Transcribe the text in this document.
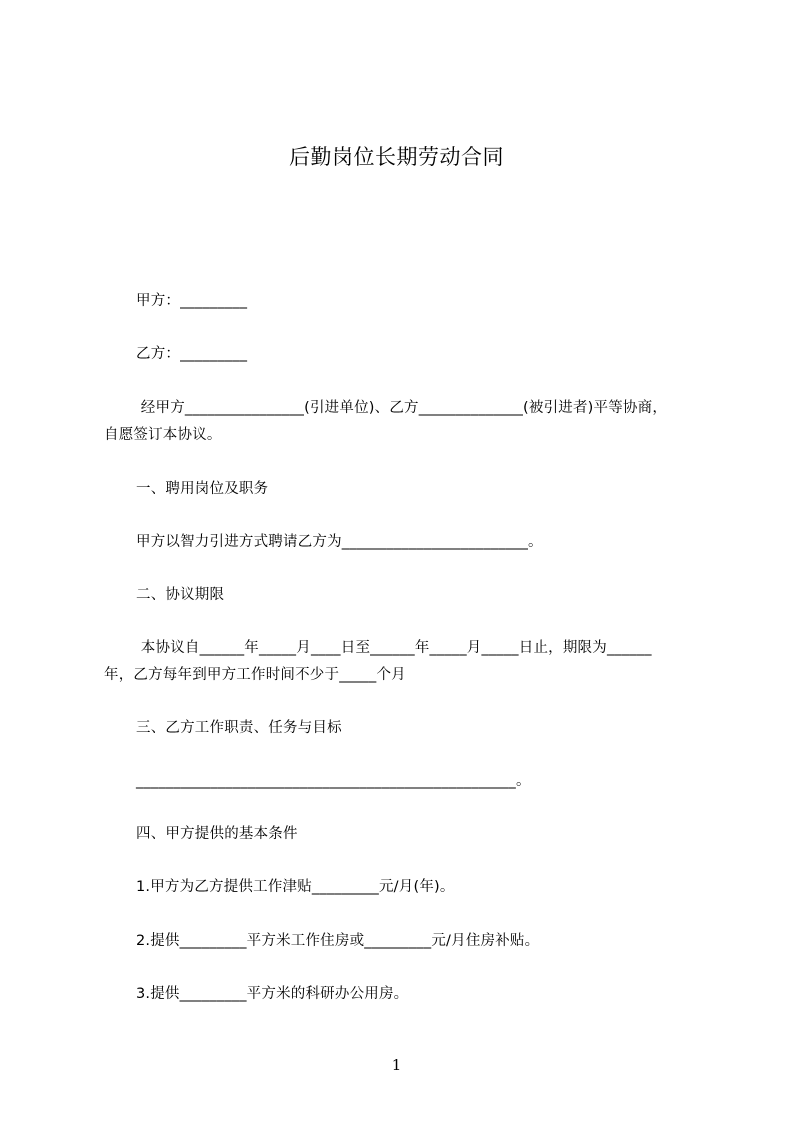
后勤岗位长期劳动合同
甲方：_________
乙方：_________
经甲方________________(引进单位)、乙方______________(被引进者)平等协商，
自愿签订本协议。
一、聘用岗位及职务
甲方以智力引进方式聘请乙方为_________________________。
二、协议期限
本协议自______年_____月____日至______年_____月_____日止，期限为______
年，乙方每年到甲方工作时间不少于_____个月
三、乙方工作职责、任务与目标
___________________________________________________。
四、甲方提供的基本条件
1.甲方为乙方提供工作津贴_________元/月(年)。
2.提供_________平方米工作住房或_________元/月住房补贴。
3.提供_________平方米的科研办公用房。
1
